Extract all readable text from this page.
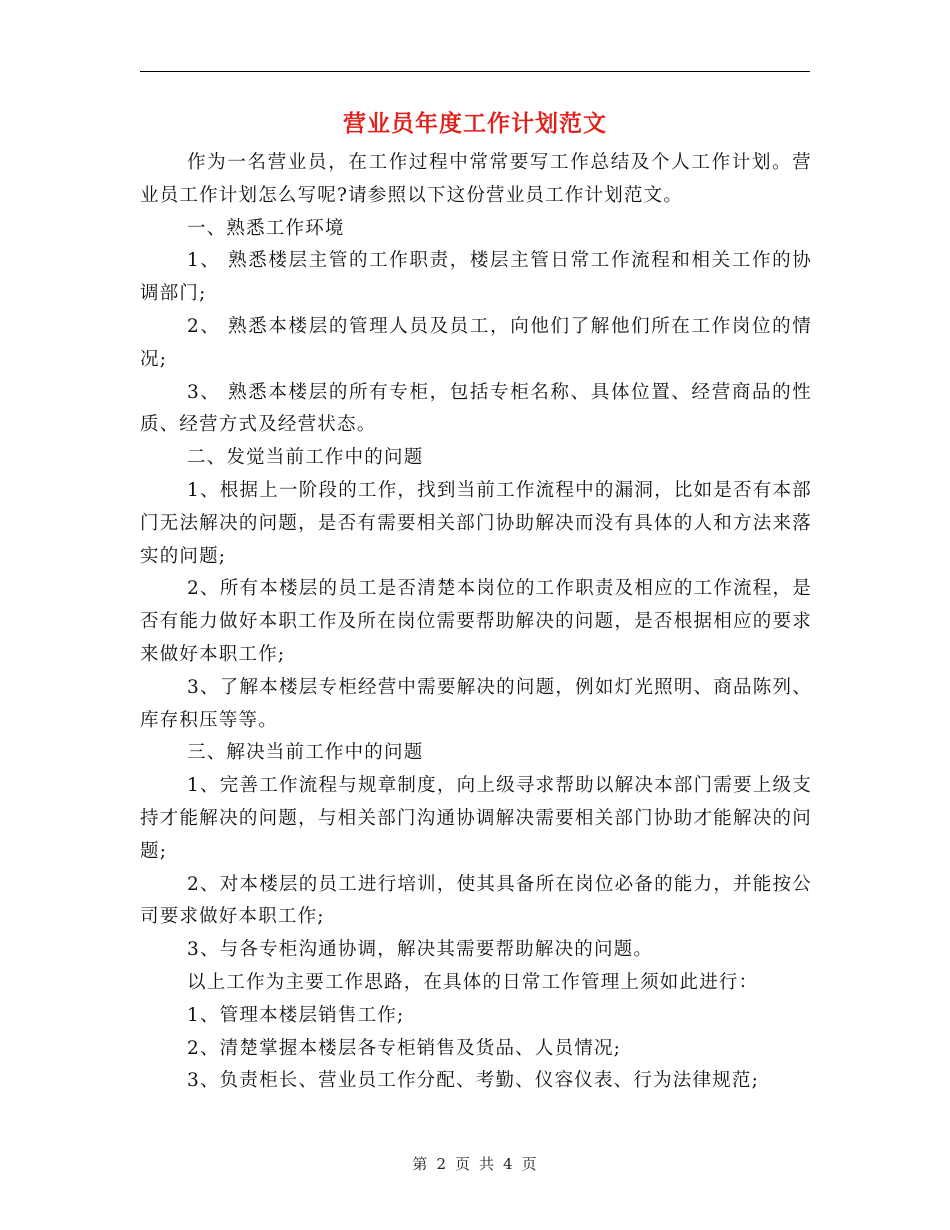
营业员年度工作计划范文

作为一名营业员，在工作过程中常常要写工作总结及个人工作计划。营业员工作计划怎么写呢?请参照以下这份营业员工作计划范文。

一、熟悉工作环境

1、 熟悉楼层主管的工作职责，楼层主管日常工作流程和相关工作的协调部门;

2、 熟悉本楼层的管理人员及员工，向他们了解他们所在工作岗位的情况;

3、 熟悉本楼层的所有专柜，包括专柜名称、具体位置、经营商品的性质、经营方式及经营状态。

二、发觉当前工作中的问题

1、根据上一阶段的工作，找到当前工作流程中的漏洞，比如是否有本部门无法解决的问题，是否有需要相关部门协助解决而没有具体的人和方法来落实的问题;

2、所有本楼层的员工是否清楚本岗位的工作职责及相应的工作流程，是否有能力做好本职工作及所在岗位需要帮助解决的问题，是否根据相应的要求来做好本职工作;

3、了解本楼层专柜经营中需要解决的问题，例如灯光照明、商品陈列、库存积压等等。

三、解决当前工作中的问题

1、完善工作流程与规章制度，向上级寻求帮助以解决本部门需要上级支持才能解决的问题，与相关部门沟通协调解决需要相关部门协助才能解决的问题;

2、对本楼层的员工进行培训，使其具备所在岗位必备的能力，并能按公司要求做好本职工作;

3、与各专柜沟通协调，解决其需要帮助解决的问题。

以上工作为主要工作思路，在具体的日常工作管理上须如此进行：

1、管理本楼层销售工作;

2、清楚掌握本楼层各专柜销售及货品、人员情况;

3、负责柜长、营业员工作分配、考勤、仪容仪表、行为法律规范;

第 2 页 共 4 页
